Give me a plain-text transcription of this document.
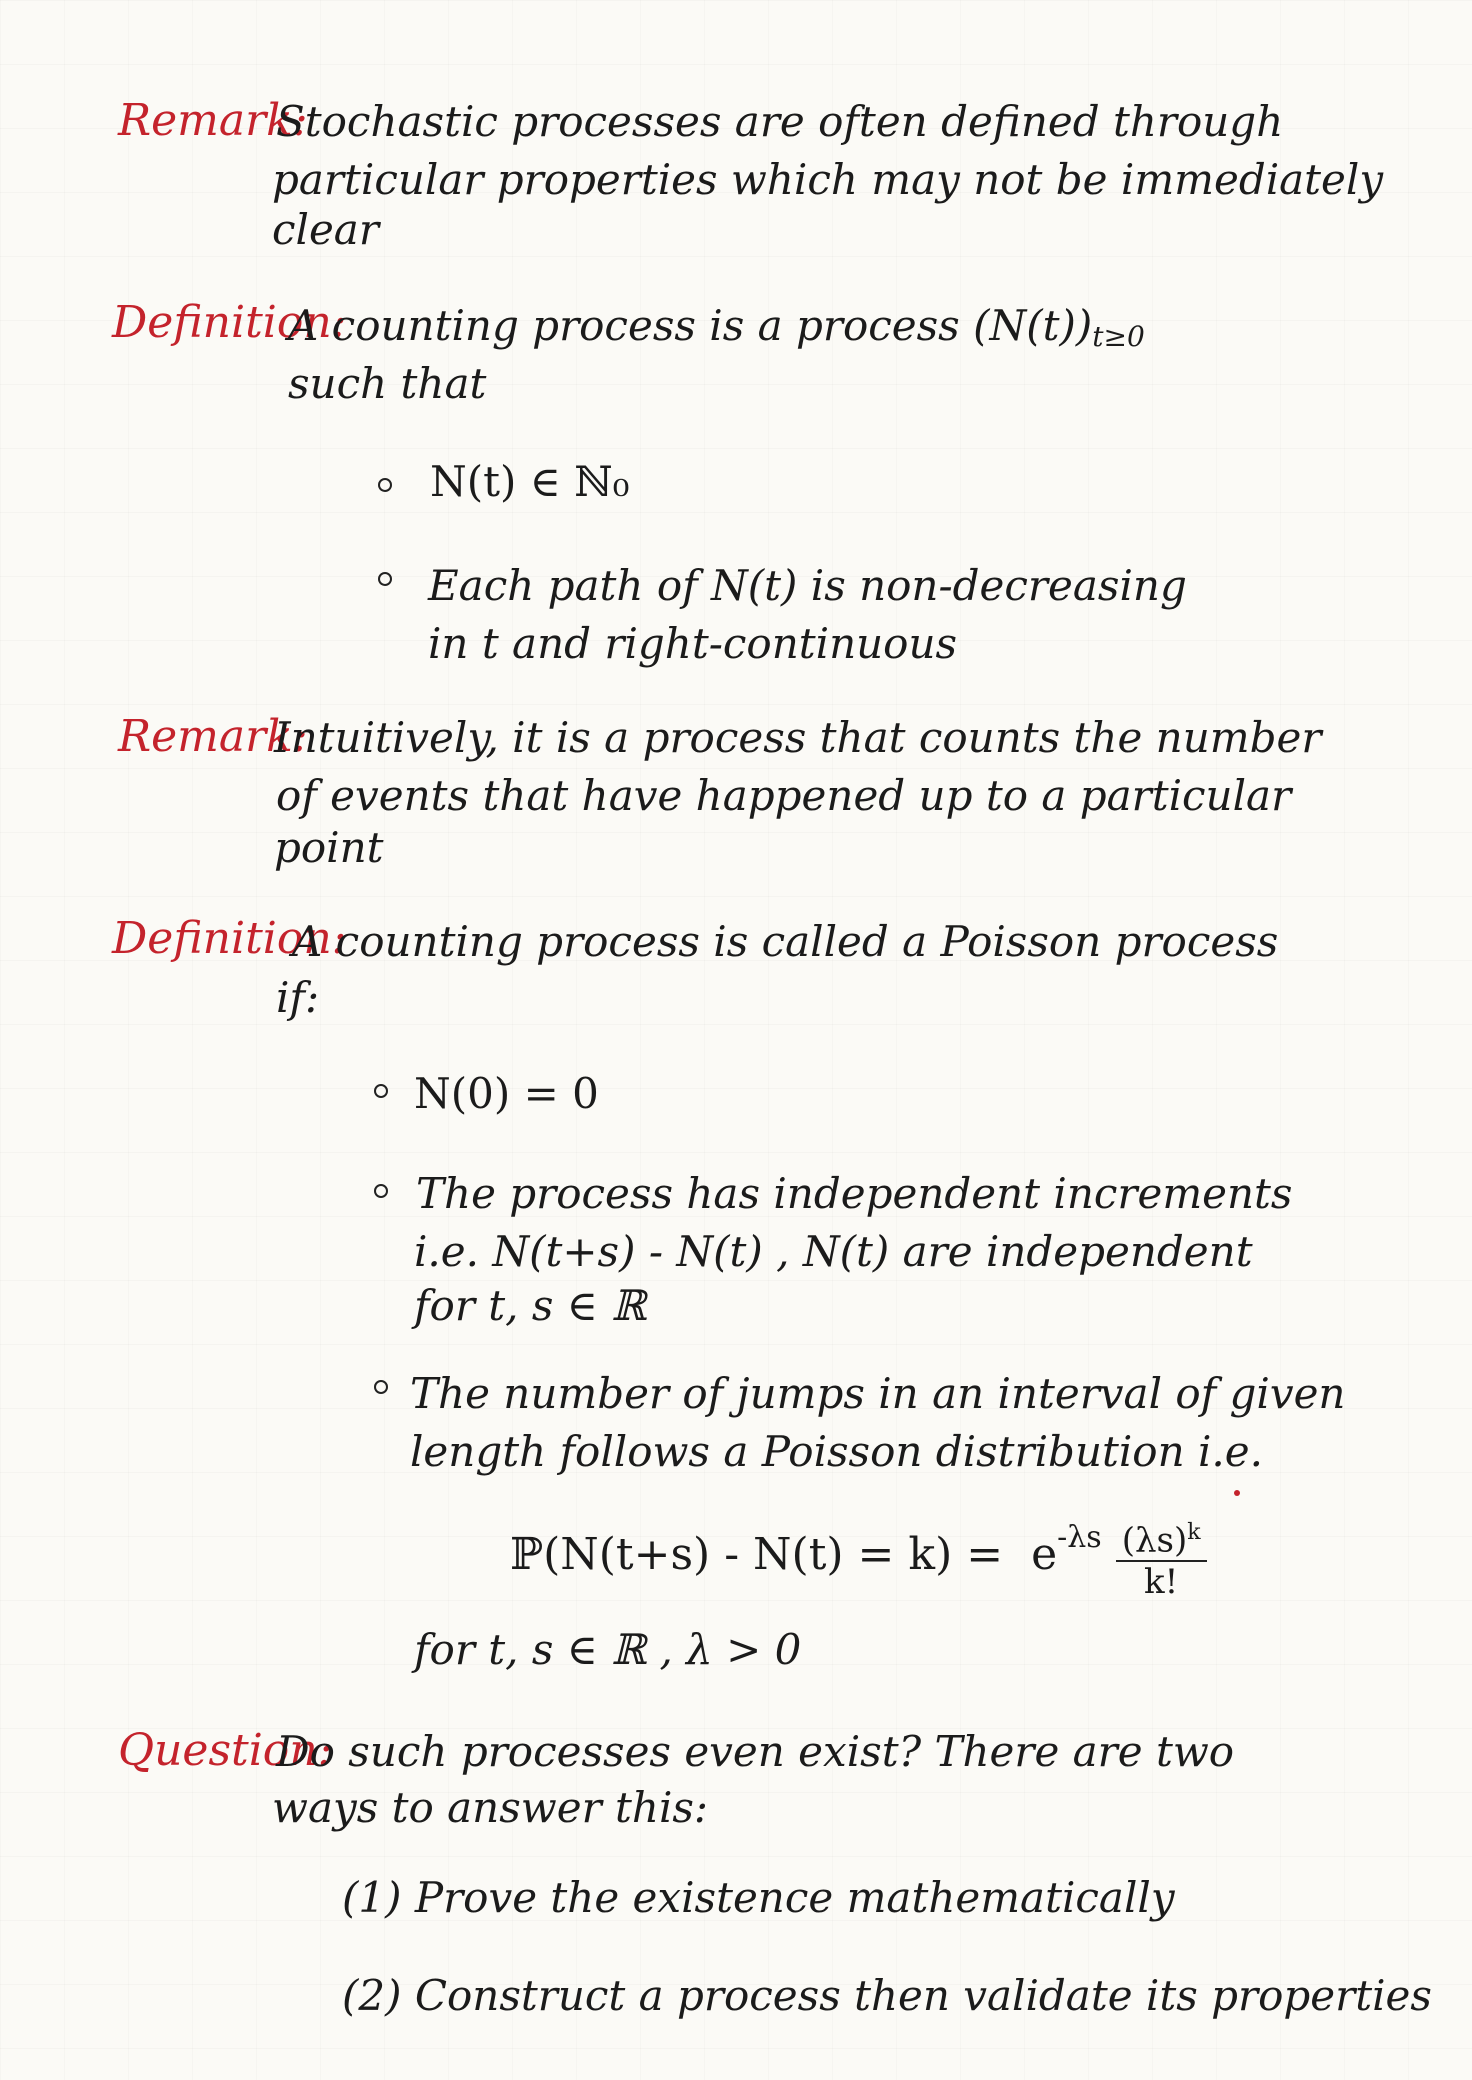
Remark:
Stochastic processes are often defined through
particular properties which may not be immediately
clear
Definition:
A counting process is a process $(N(t))_{t\ge 0}$
such that
N(t) ∈ ℕ₀
Each path of N(t) is non-decreasing
in t and right-continuous
Remark:
Intuitively, it is a process that counts the number
of events that have happened up to a particular
point
Definition:
A counting process is called a Poisson process
if:
N(0) = 0
The process has independent increments
i.e. N(t+s) - N(t) , N(t) are independent
for t, s ∈ ℝ
The number of jumps in an interval of given
length follows a Poisson distribution i.e.
ℙ(N(t+s) - $N(t) = k) = e^{-\lambda s} \frac{(\lambda s)^k}{k!}$
for t, s ∈ ℝ , λ > 0
Question:
Do such processes even exist? There are two
ways to answer this:
(1) Prove the existence mathematically
(2) Construct a process then validate its properties
